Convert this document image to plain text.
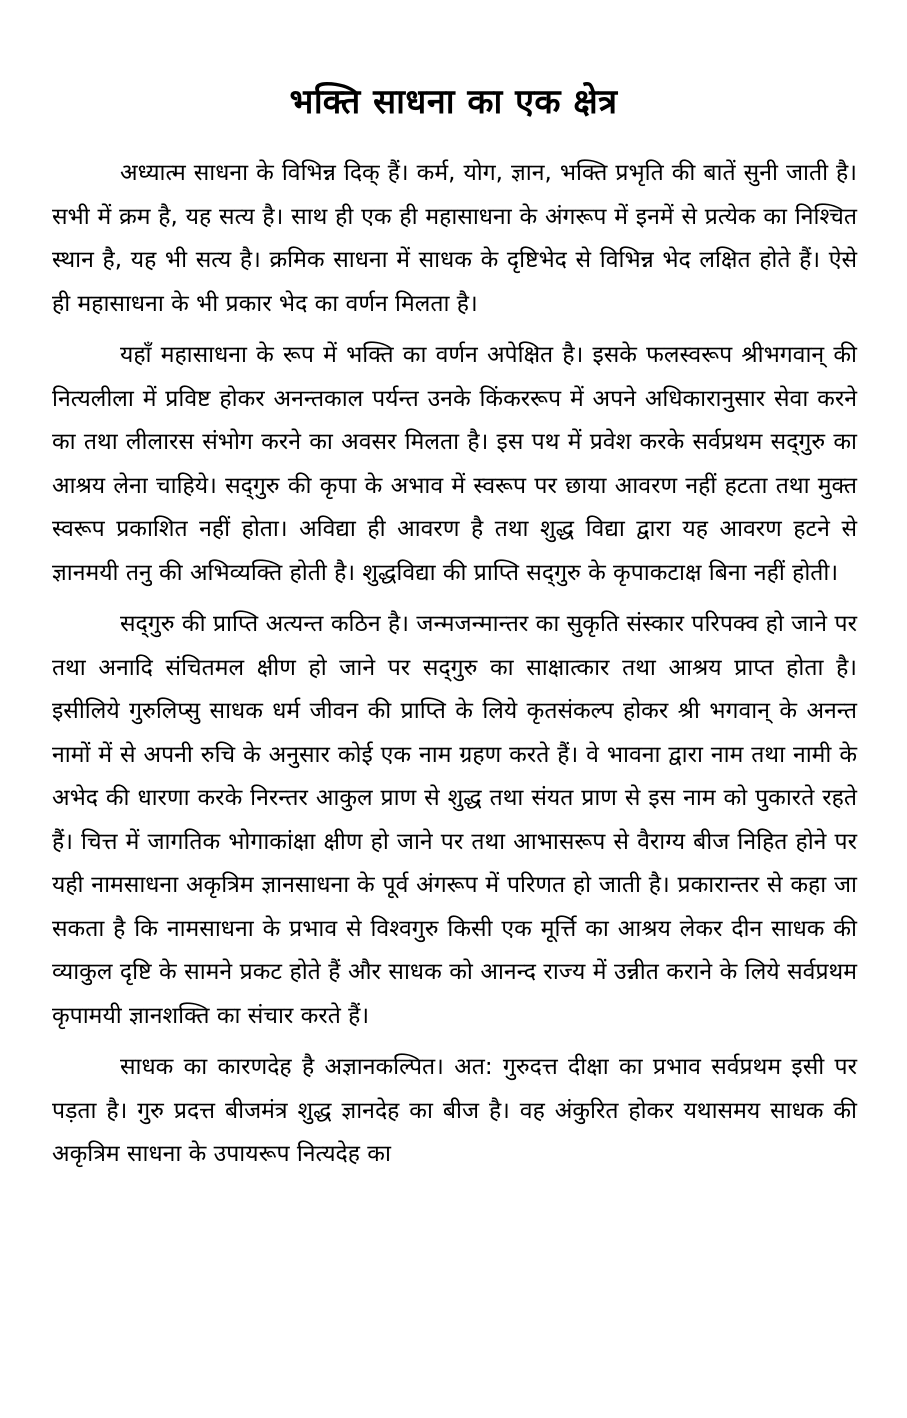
भक्ति साधना का एक क्षेत्र

अध्यात्म साधना के विभिन्न दिक् हैं। कर्म, योग, ज्ञान, भक्ति प्रभृति की बातें सुनी जाती है। सभी में क्रम है, यह सत्य है। साथ ही एक ही महासाधना के अंगरूप में इनमें से प्रत्येक का निश्चित स्थान है, यह भी सत्य है। क्रमिक साधना में साधक के दृष्टिभेद से विभिन्न भेद लक्षित होते हैं। ऐसे ही महासाधना के भी प्रकार भेद का वर्णन मिलता है।

यहाँ महासाधना के रूप में भक्ति का वर्णन अपेक्षित है। इसके फलस्वरूप श्रीभगवान् की नित्यलीला में प्रविष्ट होकर अनन्तकाल पर्यन्त उनके किंकररूप में अपने अधिकारानुसार सेवा करने का तथा लीलारस संभोग करने का अवसर मिलता है। इस पथ में प्रवेश करके सर्वप्रथम सद्‌गुरु का आश्रय लेना चाहिये। सद्‌गुरु की कृपा के अभाव में स्वरूप पर छाया आवरण नहीं हटता तथा मुक्त स्वरूप प्रकाशित नहीं होता। अविद्या ही आवरण है तथा शुद्ध विद्या द्वारा यह आवरण हटने से ज्ञानमयी तनु की अभिव्यक्ति होती है। शुद्धविद्या की प्राप्ति सद्‌गुरु के कृपाकटाक्ष बिना नहीं होती।

सद्‌गुरु की प्राप्ति अत्यन्त कठिन है। जन्मजन्मान्तर का सुकृति संस्कार परिपक्व हो जाने पर तथा अनादि संचितमल क्षीण हो जाने पर सद्‌गुरु का साक्षात्कार तथा आश्रय प्राप्त होता है। इसीलिये गुरुलिप्सु साधक धर्म जीवन की प्राप्ति के लिये कृतसंकल्प होकर श्री भगवान् के अनन्त नामों में से अपनी रुचि के अनुसार कोई एक नाम ग्रहण करते हैं। वे भावना द्वारा नाम तथा नामी के अभेद की धारणा करके निरन्तर आकुल प्राण से शुद्ध तथा संयत प्राण से इस नाम को पुकारते रहते हैं। चित्त में जागतिक भोगाकांक्षा क्षीण हो जाने पर तथा आभासरूप से वैराग्य बीज निहित होने पर यही नामसाधना अकृत्रिम ज्ञानसाधना के पूर्व अंगरूप में परिणत हो जाती है। प्रकारान्तर से कहा जा सकता है कि नामसाधना के प्रभाव से विश्वगुरु किसी एक मूर्त्ति का आश्रय लेकर दीन साधक की व्याकुल दृष्टि के सामने प्रकट होते हैं और साधक को आनन्द राज्य में उन्नीत कराने के लिये सर्वप्रथम कृपामयी ज्ञानशक्ति का संचार करते हैं।

साधक का कारणदेह है अज्ञानकल्पित। अत: गुरुदत्त दीक्षा का प्रभाव सर्वप्रथम इसी पर पड़ता है। गुरु प्रदत्त बीजमंत्र शुद्ध ज्ञानदेह का बीज है। वह अंकुरित होकर यथासमय साधक की अकृत्रिम साधना के उपायरूप नित्यदेह का
